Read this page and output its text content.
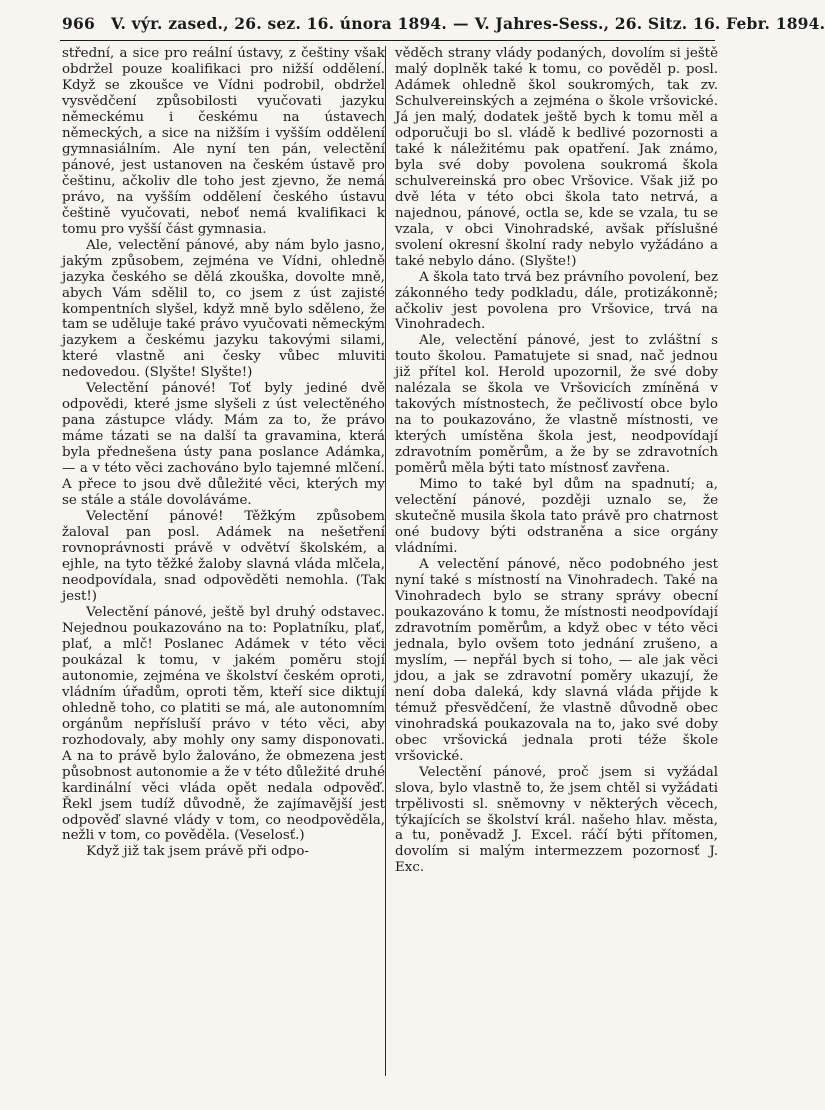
966 V. výr. zased., 26. sez. 16. února 1894. — V. Jahres-Sess., 26. Sitz. 16. Febr. 1894.

střední, a sice pro reální ústavy, z češtiny však obdržel pouze koalifikaci pro nižší oddělení. Když se zkoušce ve Vídni podrobil, obdržel vysvědčení způsobilosti vyučovati jazyku německému i českému na ústavech německých, a sice na nižším i vyšším oddělení gymnasiálním. Ale nyní ten pán, velectění pánové, jest ustanoven na českém ústavě pro češtinu, ačkoliv dle toho jest zjevno, že nemá právo, na vyšším oddělení českého ústavu češtině vyučovati, neboť nemá kvalifikaci k tomu pro vyšší část gymnasia.

Ale, velectění pánové, aby nám bylo jasno, jakým způsobem, zejména ve Vídni, ohledně jazyka českého se dělá zkouška, dovolte mně, abych Vám sdělil to, co jsem z úst zajisté kompentních slyšel, když mně bylo sděleno, že tam se uděluje také právo vyučovati německým jazykem a českému jazyku takovými silami, které vlastně ani česky vůbec mluviti nedovedou. (Slyšte! Slyšte!)

Velectění pánové! Toť byly jediné dvě odpovědi, které jsme slyšeli z úst velectěného pana zástupce vlády. Mám za to, že právo máme tázati se na další ta gravamina, která byla přednešena ústy pana poslance Adámka, — a v této věci zachováno bylo tajemné mlčení. A přece to jsou dvě důležité věci, kterých my se stále a stále dovoláváme.

Velectění pánové! Těžkým způsobem žaloval pan posl. Adámek na nešetření rovnoprávnosti právě v odvětví školském, a ejhle, na tyto těžké žaloby slavná vláda mlčela, neodpovídala, snad odpověděti nemohla. (Tak jest!)

Velectění pánové, ještě byl druhý odstavec. Nejednou poukazováno na to: Poplatníku, plať, plať, a mlč! Poslanec Adámek v této věci poukázal k tomu, v jakém poměru stojí autonomie, zejména ve školství českém oproti, vládním úřadům, oproti těm, kteří sice diktují ohledně toho, co platiti se má, ale autonomním orgánům nepřísluší právo v této věci, aby rozhodovaly, aby mohly ony samy disponovati. A na to právě bylo žalováno, že obmezena jest působnost autonomie a že v této důležité druhé kardinální věci vláda opět nedala odpověď. Řekl jsem tudíž důvodně, že zajímavější jest odpověď slavné vlády v tom, co neodpověděla, nežli v tom, co pověděla. (Veselosť.)

Když již tak jsem právě při odpo-

věděch strany vlády podaných, dovolím si ještě malý doplněk také k tomu, co pověděl p. posl. Adámek ohledně škol soukromých, tak zv. Schulvereinských a zejména o škole vršovické. Já jen malý, dodatek ještě bych k tomu měl a odporučuji bo sl. vládě k bedlivé pozornosti a také k náležitému pak opatření. Jak známo, byla své doby povolena soukromá škola schulvereinská pro obec Vršovice. Však již po dvě léta v této obci škola tato netrvá, a najednou, pánové, octla se, kde se vzala, tu se vzala, v obci Vinohradské, avšak příslušné svolení okresní školní rady nebylo vyžádáno a také nebylo dáno. (Slyšte!)

A škola tato trvá bez právního povolení, bez zákonného tedy podkladu, dále, protizákonně; ačkoliv jest povolena pro Vršovice, trvá na Vinohradech.

Ale, velectění pánové, jest to zvláštní s touto školou. Pamatujete si snad, nač jednou již přítel kol. Herold upozornil, že své doby nalézala se škola ve Vršovicích zmíněná v takových místnostech, že pečlivostí obce bylo na to poukazováno, že vlastně místnosti, ve kterých umístěna škola jest, neodpovídají zdravotním poměrům, a že by se zdravotních poměrů měla býti tato místnosť zavřena.

Mimo to také byl dům na spadnutí; a, velectění pánové, později uznalo se, že skutečně musila škola tato právě pro chatrnost oné budovy býti odstraněna a sice orgány vládními.

A velectění pánové, něco podobného jest nyní také s místností na Vinohradech. Také na Vinohradech bylo se strany správy obecní poukazováno k tomu, že místnosti neodpovídají zdravotním poměrům, a když obec v této věci jednala, bylo ovšem toto jednání zrušeno, a myslím, — nepřál bych si toho, — ale jak věci jdou, a jak se zdravotní poměry ukazují, že není doba daleká, kdy slavná vláda přijde k témuž přesvědčení, že vlastně důvodně obec vinohradská poukazovala na to, jako své doby obec vršovická jednala proti téže škole vršovické.

Velectění pánové, proč jsem si vyžádal slova, bylo vlastně to, že jsem chtěl si vyžádati trpělivosti sl. sněmovny v některých věcech, týkajících se školství král. našeho hlav. města, a tu, poněvadž J. Excel. ráčí býti přítomen, dovolím si malým intermezzem pozornosť J. Exc.
